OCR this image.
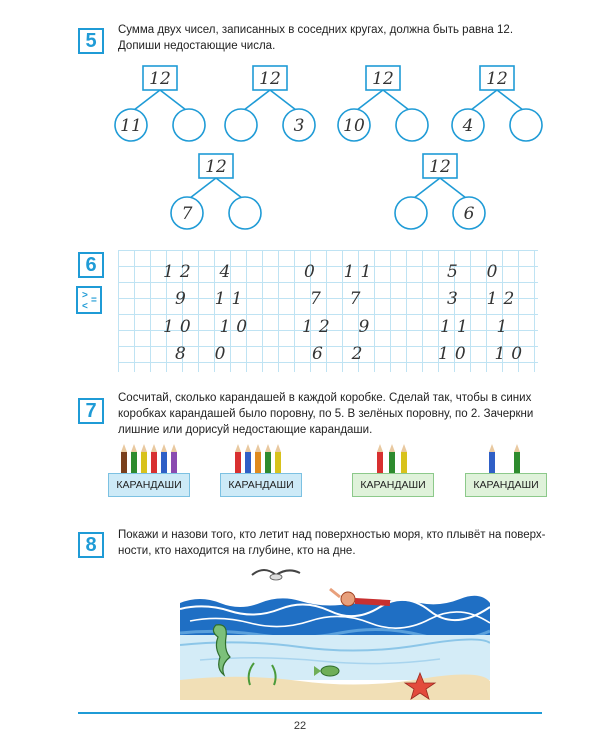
5	Сумма двух чисел, записанных в соседних кругах, должна быть равна 12.
Допиши недостающие числа.
12
11
12
3
12
10
12
4
12
7
12
6
6
>
<
=
12  4	0  11	5  0
9  11	7  7	3  12
10  10	12  9	11  1
8  0	6  2	10  10
7
Сосчитай, сколько карандашей в каждой коробке. Сделай так, чтобы в синих
коробках карандашей было поровну, по 5. В зелёных поровну, по 2. Зачеркни
лишние или дорисуй недостающие карандаши.
КАРАНДАШИ	КАРАНДАШИ	КАРАНДАШИ	КАРАНДАШИ
8	Покажи и назови того, кто летит над поверхностью моря, кто плывёт на поверх-
ности, кто находится на глубине, кто на дне.
22
